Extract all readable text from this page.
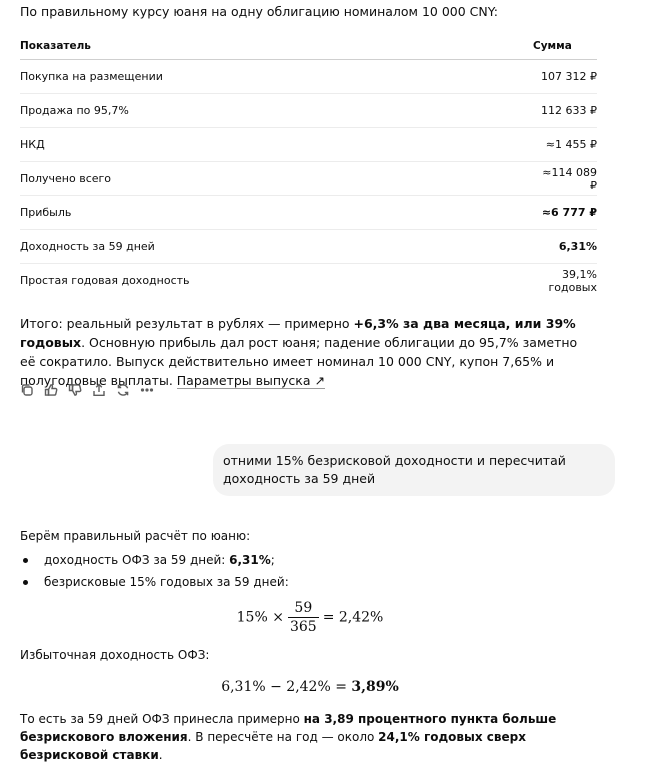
По правильному курсу юаня на одну облигацию номиналом 10 000 CNY:
Показатель	Сумма
Покупка на размещении	107 312 ₽
Продажа по 95,7%	112 633 ₽
НКД	≈1 455 ₽
Получено всего	≈114 089 ₽
Прибыль	≈6 777 ₽
Доходность за 59 дней	6,31%
Простая годовая доходность	39,1% годовых
Итого: реальный результат в рублях — примерно +6,3% за два месяца, или 39% годовых. Основную прибыль дал рост юаня; падение облигации до 95,7% заметно её сократило. Выпуск действительно имеет номинал 10 000 CNY, купон 7,65% и полугодовые выплаты. Параметры выпуска ↗
отними 15% безрисковой доходности и пересчитай доходность за 59 дней
Берём правильный расчёт по юаню:
доходность ОФЗ за 59 дней: 6,31%;
безрисковые 15% годовых за 59 дней:
$15\% \times \frac{59}{365} = 2,42\%$
Избыточная доходность ОФЗ:
6,31% − 2,42% = 3,89%
То есть за 59 дней ОФЗ принесла примерно на 3,89 процентного пункта больше безрискового вложения. В пересчёте на год — около 24,1% годовых сверх безрисковой ставки.
